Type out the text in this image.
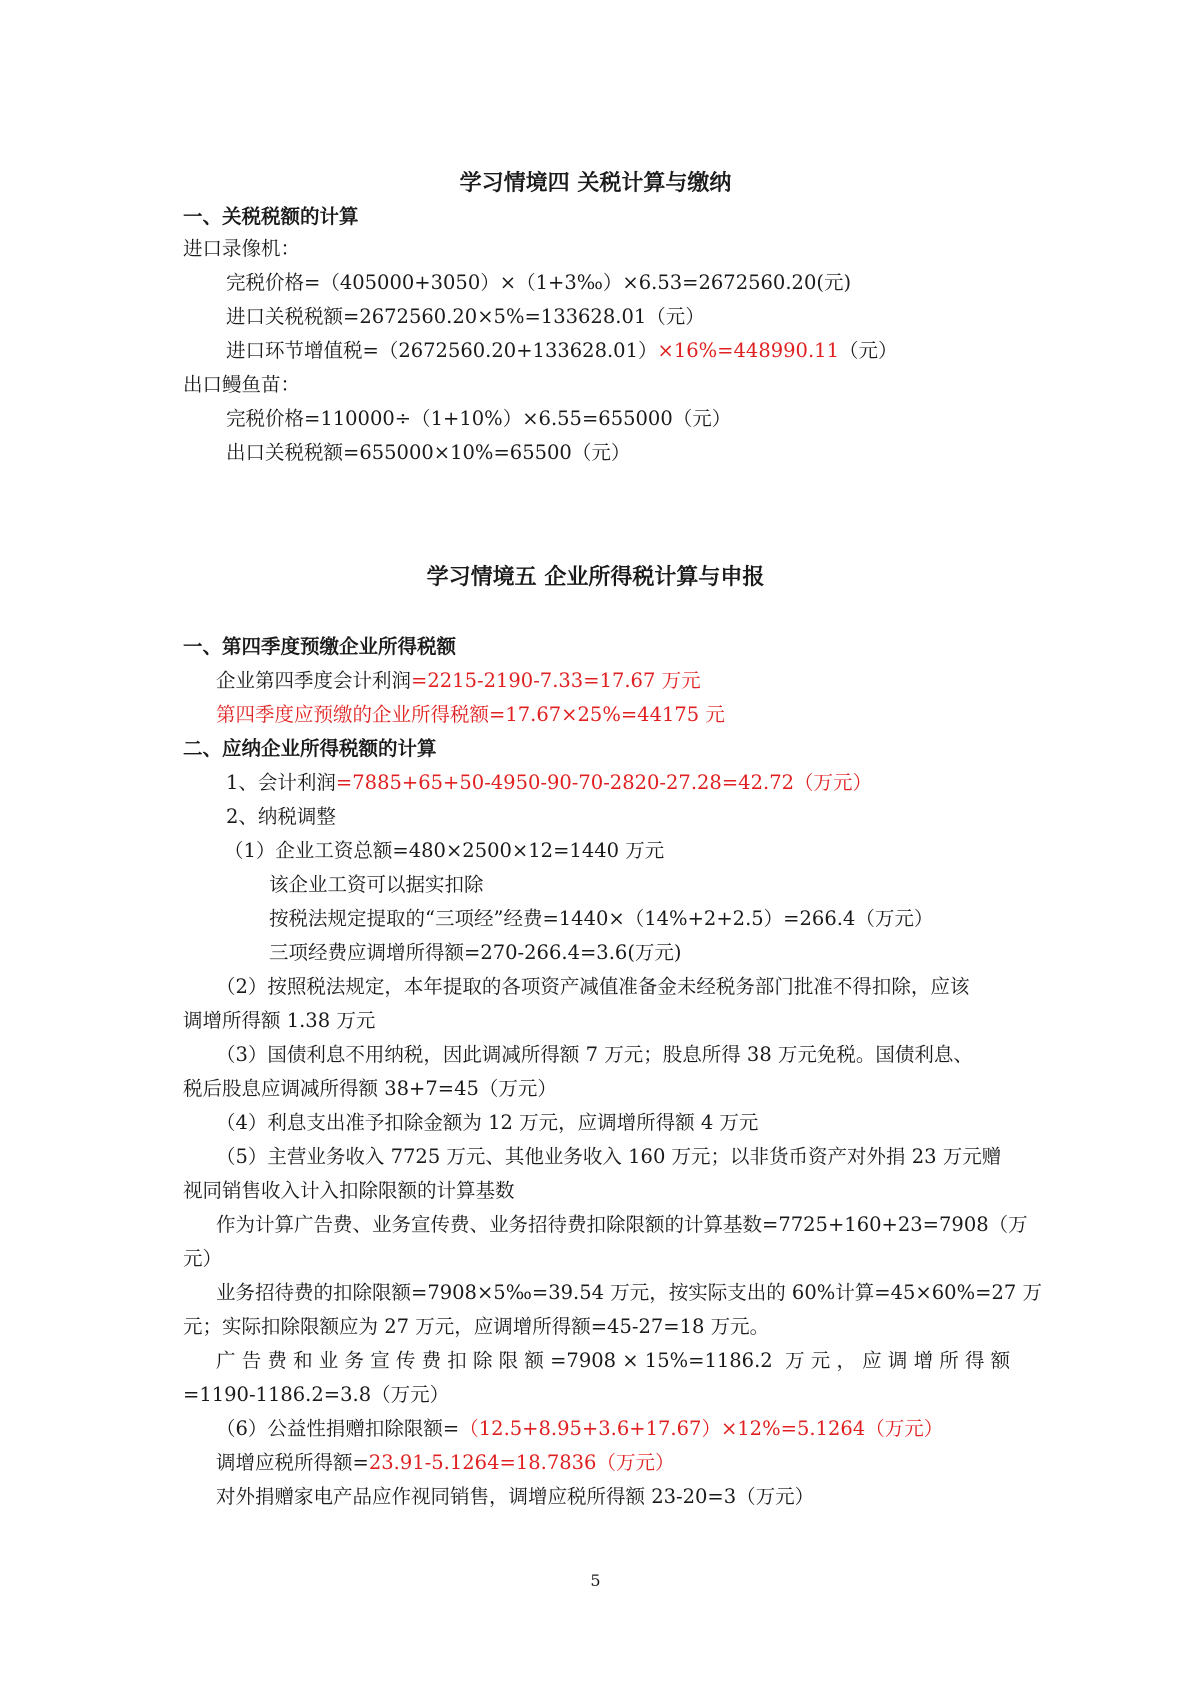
学习情境四 关税计算与缴纳
一、关税税额的计算
进口录像机：
完税价格=（405000+3050）×（1+3‰）×6.53=2672560.20(元)
进口关税税额=2672560.20×5%=133628.01（元）
进口环节增值税=（2672560.20+133628.01）×16%=448990.11（元）
出口鳗鱼苗：
完税价格=110000÷（1+10%）×6.55=655000（元）
出口关税税额=655000×10%=65500（元）
学习情境五 企业所得税计算与申报
一、第四季度预缴企业所得税额
企业第四季度会计利润=2215-2190-7.33=17.67 万元
第四季度应预缴的企业所得税额=17.67×25%=44175 元
二、应纳企业所得税额的计算
1、会计利润=7885+65+50-4950-90-70-2820-27.28=42.72（万元）
2、纳税调整
（1）企业工资总额=480×2500×12=1440 万元
该企业工资可以据实扣除
按税法规定提取的“三项经”经费=1440×（14%+2+2.5）=266.4（万元）
三项经费应调增所得额=270-266.4=3.6(万元)
（2）按照税法规定，本年提取的各项资产减值准备金未经税务部门批准不得扣除，应该
调增所得额 1.38 万元
（3）国债利息不用纳税，因此调减所得额 7 万元；股息所得 38 万元免税。国债利息、
税后股息应调减所得额 38+7=45（万元）
（4）利息支出准予扣除金额为 12 万元，应调增所得额 4 万元
（5）主营业务收入 7725 万元、其他业务收入 160 万元；以非货币资产对外捐 23 万元赠
视同销售收入计入扣除限额的计算基数
作为计算广告费、业务宣传费、业务招待费扣除限额的计算基数=7725+160+23=7908（万
元）
业务招待费的扣除限额=7908×5‰=39.54 万元，按实际支出的 60%计算=45×60%=27 万
元；实际扣除限额应为 27 万元，应调增所得额=45-27=18 万元。
广 告 费 和 业 务 宣 传 费 扣 除 限 额 =7908 × 15%=1186.2  万 元 ， 应 调 增 所 得 额
=1190-1186.2=3.8（万元）
（6）公益性捐赠扣除限额=（12.5+8.95+3.6+17.67）×12%=5.1264（万元）
调增应税所得额=23.91-5.1264=18.7836（万元）
对外捐赠家电产品应作视同销售，调增应税所得额 23-20=3（万元）
5
